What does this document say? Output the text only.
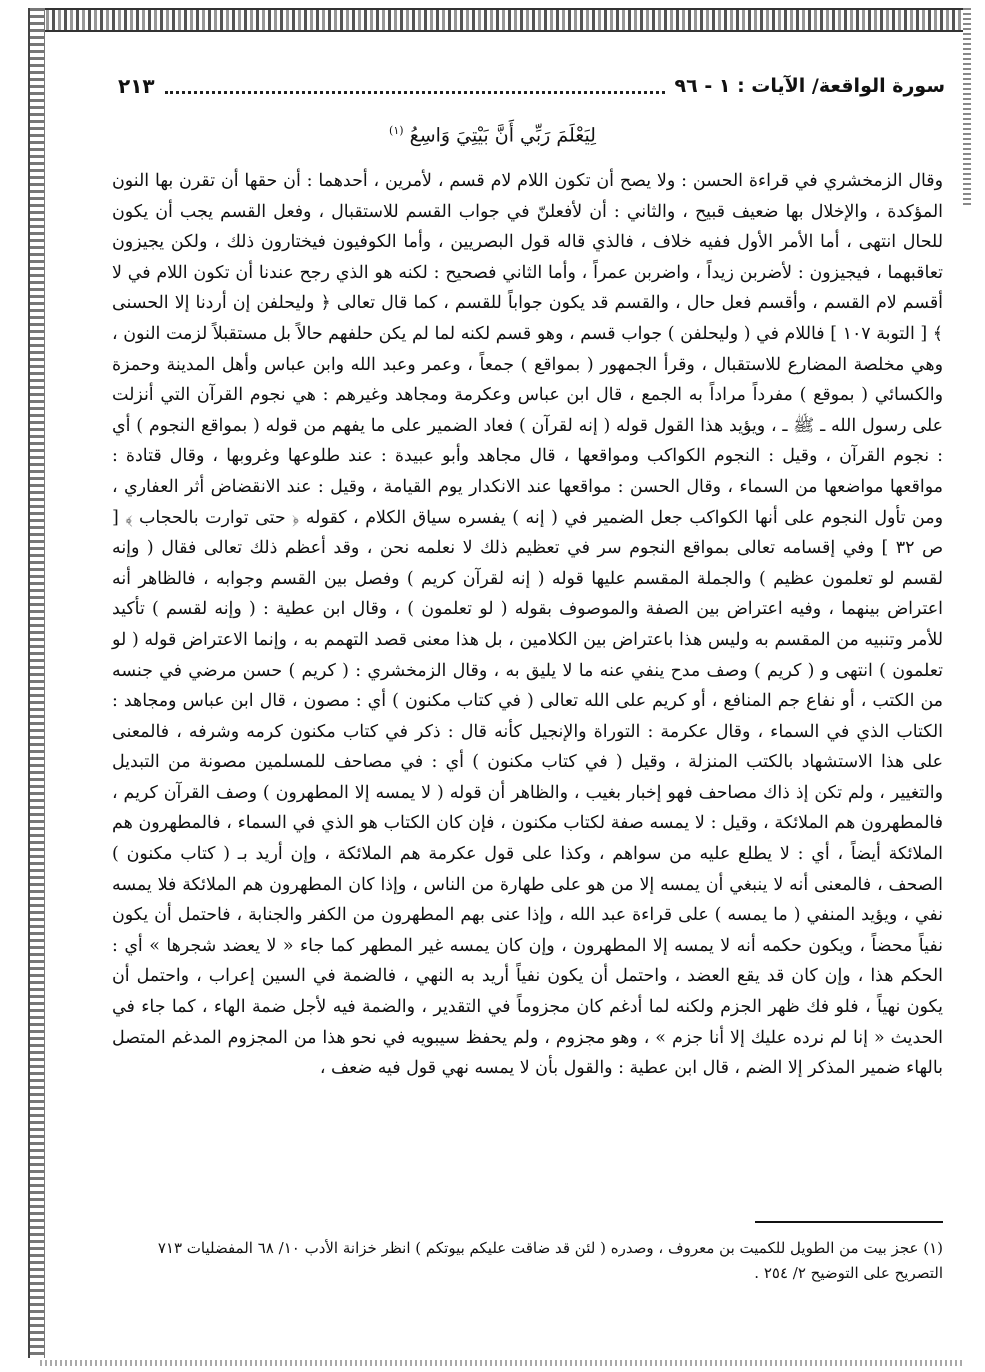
سورة الواقعة/ الآيات : ١ - ٩٦
٢١٣
لِيَعْلَمَ رَبِّي أَنَّ بَيْتِيَ وَاسِعُ $^{(١)}$

وقال الزمخشري في قراءة الحسن : ولا يصح أن تكون اللام لام قسم ، لأمرين ، أحدهما : أن حقها أن تقرن بها النون المؤكدة ، والإخلال بها ضعيف قبيح ، والثاني : أن لأفعلنّ في جواب القسم للاستقبال ، وفعل القسم يجب أن يكون للحال انتهى ، أما الأمر الأول ففيه خلاف ، فالذي قاله قول البصريين ، وأما الكوفيون فيختارون ذلك ، ولكن يجيزون تعاقبهما ، فيجيزون : لأضربن زيداً ، واضربن عمراً ، وأما الثاني فصحيح : لكنه هو الذي رجح عندنا أن تكون اللام في لا أقسم لام القسم ، وأقسم فعل حال ، والقسم قد يكون جواباً للقسم ، كما قال تعالى ﴿ وليحلفن إن أردنا إلا الحسنى ﴾ [ التوبة ١٠٧ ] فاللام في ( وليحلفن ) جواب قسم ، وهو قسم لكنه لما لم يكن حلفهم حالاً بل مستقبلاً لزمت النون ، وهي مخلصة المضارع للاستقبال ، وقرأ الجمهور ( بمواقع ) جمعاً ، وعمر وعبد الله وابن عباس وأهل المدينة وحمزة والكسائي ( بموقع ) مفرداً مراداً به الجمع ، قال ابن عباس وعكرمة ومجاهد وغيرهم : هي نجوم القرآن التي أنزلت على رسول الله ـ ﷺ ـ ، ويؤيد هذا القول قوله ( إنه لقرآن ) فعاد الضمير على ما يفهم من قوله ( بمواقع النجوم ) أي : نجوم القرآن ، وقيل : النجوم الكواكب ومواقعها ، قال مجاهد وأبو عبيدة : عند طلوعها وغروبها ، وقال قتادة : مواقعها مواضعها من السماء ، وقال الحسن : مواقعها عند الانكدار يوم القيامة ، وقيل : عند الانقضاض أثر العفاري ، ومن تأول النجوم على أنها الكواكب جعل الضمير في ( إنه ) يفسره سياق الكلام ، كقوله ﴿ حتى توارت بالحجاب ﴾ [ ص ٣٢ ] وفي إقسامه تعالى بمواقع النجوم سر في تعظيم ذلك لا نعلمه نحن ، وقد أعظم ذلك تعالى فقال ( وإنه لقسم لو تعلمون عظيم ) والجملة المقسم عليها قوله ( إنه لقرآن كريم ) وفصل بين القسم وجوابه ، فالظاهر أنه اعتراض بينهما ، وفيه اعتراض بين الصفة والموصوف بقوله ( لو تعلمون ) ، وقال ابن عطية : ( وإنه لقسم ) تأكيد للأمر وتنبيه من المقسم به وليس هذا باعتراض بين الكلامين ، بل هذا معنى قصد التهمم به ، وإنما الاعتراض قوله ( لو تعلمون ) انتهى و ( كريم ) وصف مدح ينفي عنه ما لا يليق به ، وقال الزمخشري : ( كريم ) حسن مرضي في جنسه من الكتب ، أو نفاع جم المنافع ، أو كريم على الله تعالى ( في كتاب مكنون ) أي : مصون ، قال ابن عباس ومجاهد : الكتاب الذي في السماء ، وقال عكرمة : التوراة والإنجيل كأنه قال : ذكر في كتاب مكنون كرمه وشرفه ، فالمعنى على هذا الاستشهاد بالكتب المنزلة ، وقيل ( في كتاب مكنون ) أي : في مصاحف للمسلمين مصونة من التبديل والتغيير ، ولم تكن إذ ذاك مصاحف فهو إخبار بغيب ، والظاهر أن قوله ( لا يمسه إلا المطهرون ) وصف القرآن كريم ، فالمطهرون هم الملائكة ، وقيل : لا يمسه صفة لكتاب مكنون ، فإن كان الكتاب هو الذي في السماء ، فالمطهرون هم الملائكة أيضاً ، أي : لا يطلع عليه من سواهم ، وكذا على قول عكرمة هم الملائكة ، وإن أريد بـ ( كتاب مكنون ) الصحف ، فالمعنى أنه لا ينبغي أن يمسه إلا من هو على طهارة من الناس ، وإذا كان المطهرون هم الملائكة فلا يمسه نفي ، ويؤيد المنفي ( ما يمسه ) على قراءة عبد الله ، وإذا عنى بهم المطهرون من الكفر والجنابة ، فاحتمل أن يكون نفياً محضاً ، ويكون حكمه أنه لا يمسه إلا المطهرون ، وإن كان يمسه غير المطهر كما جاء « لا يعضد شجرها » أي : الحكم هذا ، وإن كان قد يقع العضد ، واحتمل أن يكون نفياً أريد به النهي ، فالضمة في السين إعراب ، واحتمل أن يكون نهياً ، فلو فك ظهر الجزم ولكنه لما أدغم كان مجزوماً في التقدير ، والضمة فيه لأجل ضمة الهاء ، كما جاء في الحديث « إنا لم نرده عليك إلا أنا جزم » ، وهو مجزوم ، ولم يحفظ سيبويه في نحو هذا من المجزوم المدغم المتصل بالهاء ضمير المذكر إلا الضم ، قال ابن عطية : والقول بأن لا يمسه نهي قول فيه ضعف ،

(١) عجز بيت من الطويل للكميت بن معروف ، وصدره ( لئن قد ضاقت عليكم بيوتكم ) انظر خزانة الأدب ١٠/ ٦٨ المفضليات ٧١٣

التصريح على التوضيح ٢/ ٢٥٤ .
